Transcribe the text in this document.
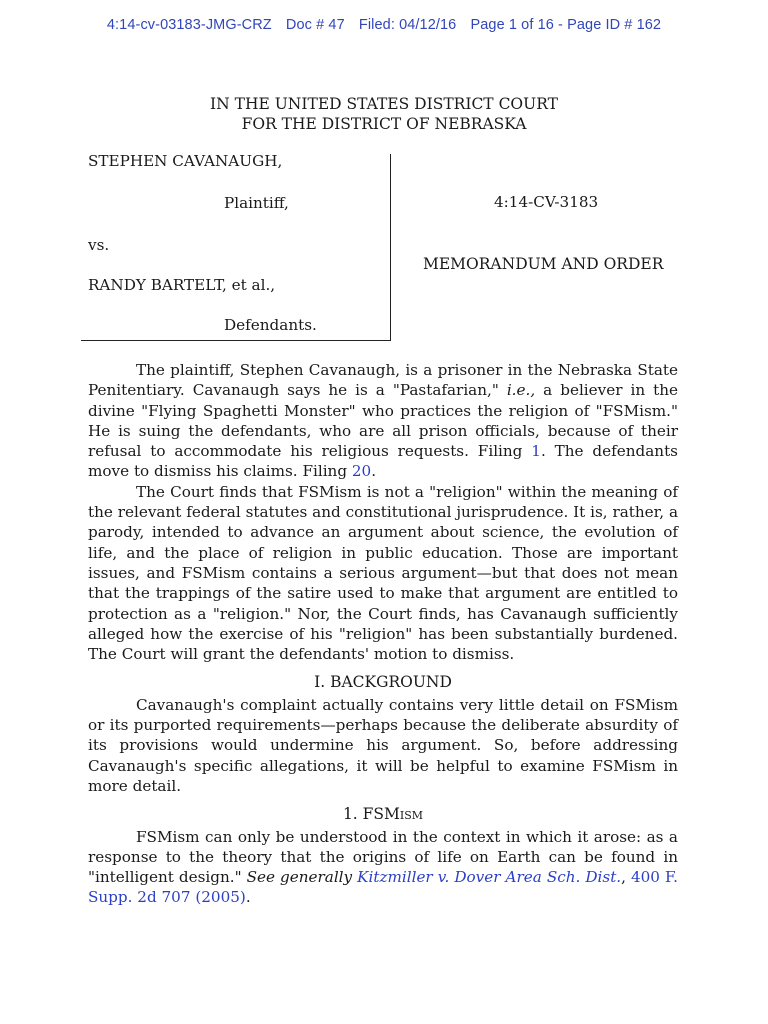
4:14-cv-03183-JMG-CRZ Doc # 47 Filed: 04/12/16 Page 1 of 16 - Page ID # 162
IN THE UNITED STATES DISTRICT COURT
FOR THE DISTRICT OF NEBRASKA
STEPHEN CAVANAUGH,
Plaintiff,
vs.
RANDY BARTELT, et al.,
Defendants.
4:14-CV-3183
MEMORANDUM AND ORDER

The plaintiff, Stephen Cavanaugh, is a prisoner in the Nebraska State Penitentiary. Cavanaugh says he is a "Pastafarian," i.e., a believer in the divine "Flying Spaghetti Monster" who practices the religion of "FSMism." He is suing the defendants, who are all prison officials, because of their refusal to accommodate his religious requests. Filing 1. The defendants move to dismiss his claims. Filing 20.

The Court finds that FSMism is not a "religion" within the meaning of the relevant federal statutes and constitutional jurisprudence. It is, rather, a parody, intended to advance an argument about science, the evolution of life, and the place of religion in public education. Those are important issues, and FSMism contains a serious argument—but that does not mean that the trappings of the satire used to make that argument are entitled to protection as a "religion." Nor, the Court finds, has Cavanaugh sufficiently alleged how the exercise of his "religion" has been substantially burdened. The Court will grant the defendants' motion to dismiss.

I. BACKGROUND

Cavanaugh's complaint actually contains very little detail on FSMism or its purported requirements—perhaps because the deliberate absurdity of its provisions would undermine his argument. So, before addressing Cavanaugh's specific allegations, it will be helpful to examine FSMism in more detail.

1. FSMism

FSMism can only be understood in the context in which it arose: as a response to the theory that the origins of life on Earth can be found in "intelligent design." See generally Kitzmiller v. Dover Area Sch. Dist., 400 F. Supp. 2d 707 (2005).
